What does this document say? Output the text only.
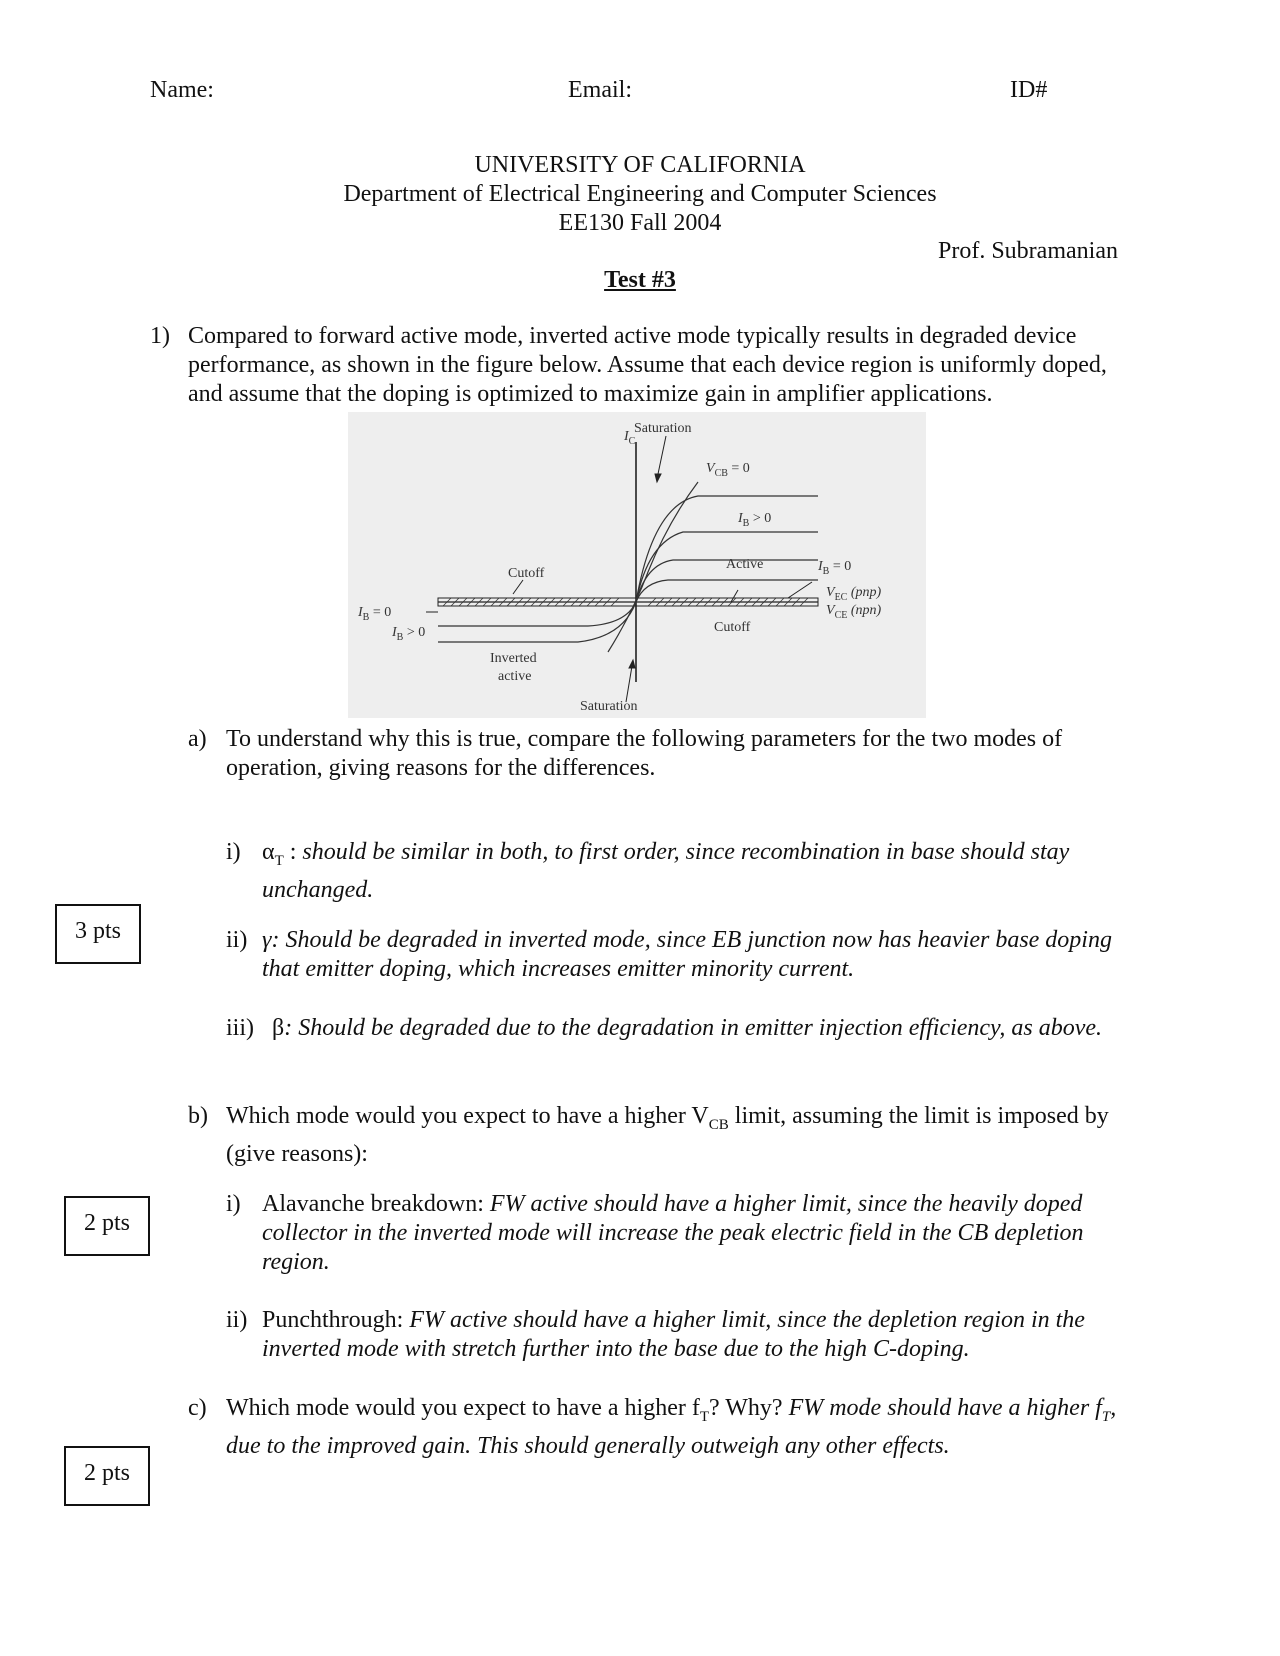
Name:	Email:	ID#
UNIVERSITY OF CALIFORNIA
Department of Electrical Engineering and Computer Sciences
EE130 Fall 2004
Prof. Subramanian
Test #3
1) Compared to forward active mode, inverted active mode typically results in degraded device performance, as shown in the figure below. Assume that each device region is uniformly doped, and assume that the doping is optimized to maximize gain in amplifier applications.
Saturation
$I_C$
$V_{CB} = 0$
$I_B > 0$
Active	$I_B = 0$
$V_{EC}$ (pnp)
$V_{CE}$ (npn)
Cutoff
Cutoff
$I_B = 0$
$I_B > 0$
Inverted
active
Saturation
a) To understand why this is true, compare the following parameters for the two modes of operation, giving reasons for the differences.
3 pts
i) $\alpha_T$ : should be similar in both, to first order, since recombination in base should stay unchanged.
ii) γ: Should be degraded in inverted mode, since EB junction now has heavier base doping that emitter doping, which increases emitter minority current.
iii) β: Should be degraded due to the degradation in emitter injection efficiency, as above.
b) Which mode would you expect to have a higher $V_{CB}$ limit, assuming the limit is imposed by (give reasons):
2 pts
i) Alavanche breakdown: FW active should have a higher limit, since the heavily doped collector in the inverted mode will increase the peak electric field in the CB depletion region.
ii) Punchthrough: FW active should have a higher limit, since the depletion region in the inverted mode with stretch further into the base due to the high C-doping.
c) Which mode would you expect to have a higher $f_T$? Why? FW mode should have a higher $f_T$, due to the improved gain. This should generally outweigh any other effects.
2 pts
